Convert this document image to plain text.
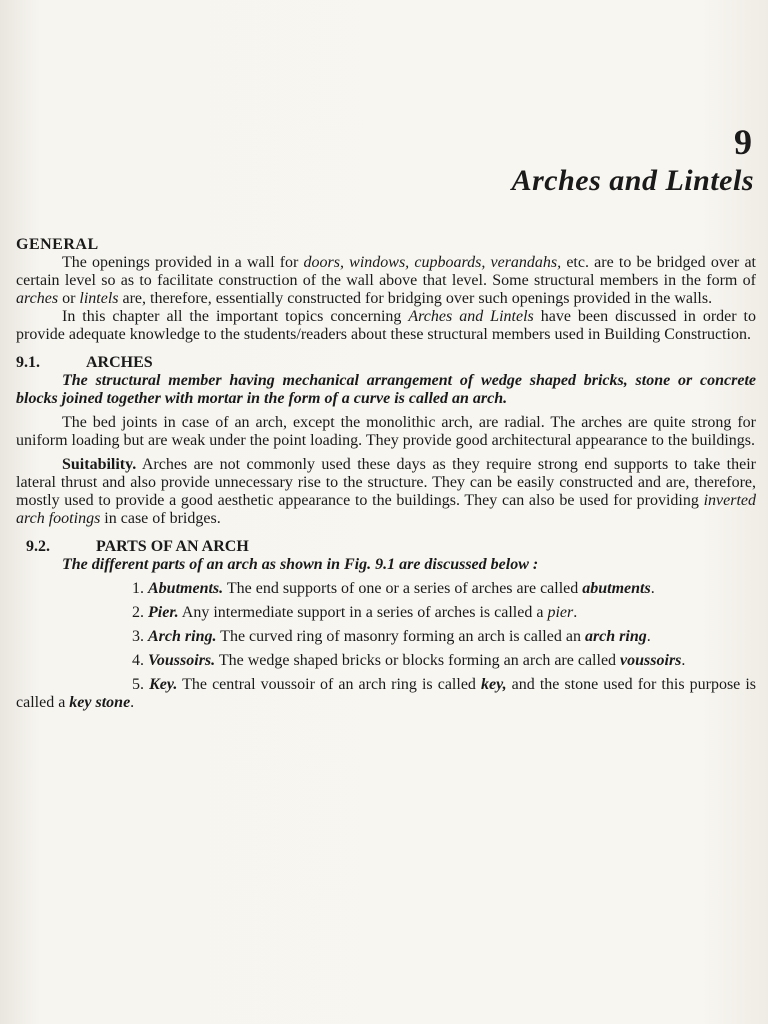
9
Arches and Lintels
GENERAL

The openings provided in a wall for doors, windows, cupboards, verandahs, etc. are to be bridged over at certain level so as to facilitate construction of the wall above that level. Some structural members in the form of arches or lintels are, therefore, essentially constructed for bridging over such openings provided in the walls.

In this chapter all the important topics concerning Arches and Lintels have been discussed in order to provide adequate knowledge to the students/readers about these structural members used in Building Construction.

9.1.	ARCHES

The structural member having mechanical arrangement of wedge shaped bricks, stone or concrete blocks joined together with mortar in the form of a curve is called an arch.

The bed joints in case of an arch, except the monolithic arch, are radial. The arches are quite strong for uniform loading but are weak under the point loading. They provide good architectural appearance to the buildings.

Suitability. Arches are not commonly used these days as they require strong end supports to take their lateral thrust and also provide unnecessary rise to the structure. They can be easily constructed and are, therefore, mostly used to provide a good aesthetic appearance to the buildings. They can also be used for providing inverted arch footings in case of bridges.

9.2.	PARTS OF AN ARCH

The different parts of an arch as shown in Fig. 9.1 are discussed below :

1. Abutments. The end supports of one or a series of arches are called abutments.

2. Pier. Any intermediate support in a series of arches is called a pier.

3. Arch ring. The curved ring of masonry forming an arch is called an arch ring.

4. Voussoirs. The wedge shaped bricks or blocks forming an arch are called voussoirs.

5. Key. The central voussoir of an arch ring is called key, and the stone used for this purpose is called a key stone.
